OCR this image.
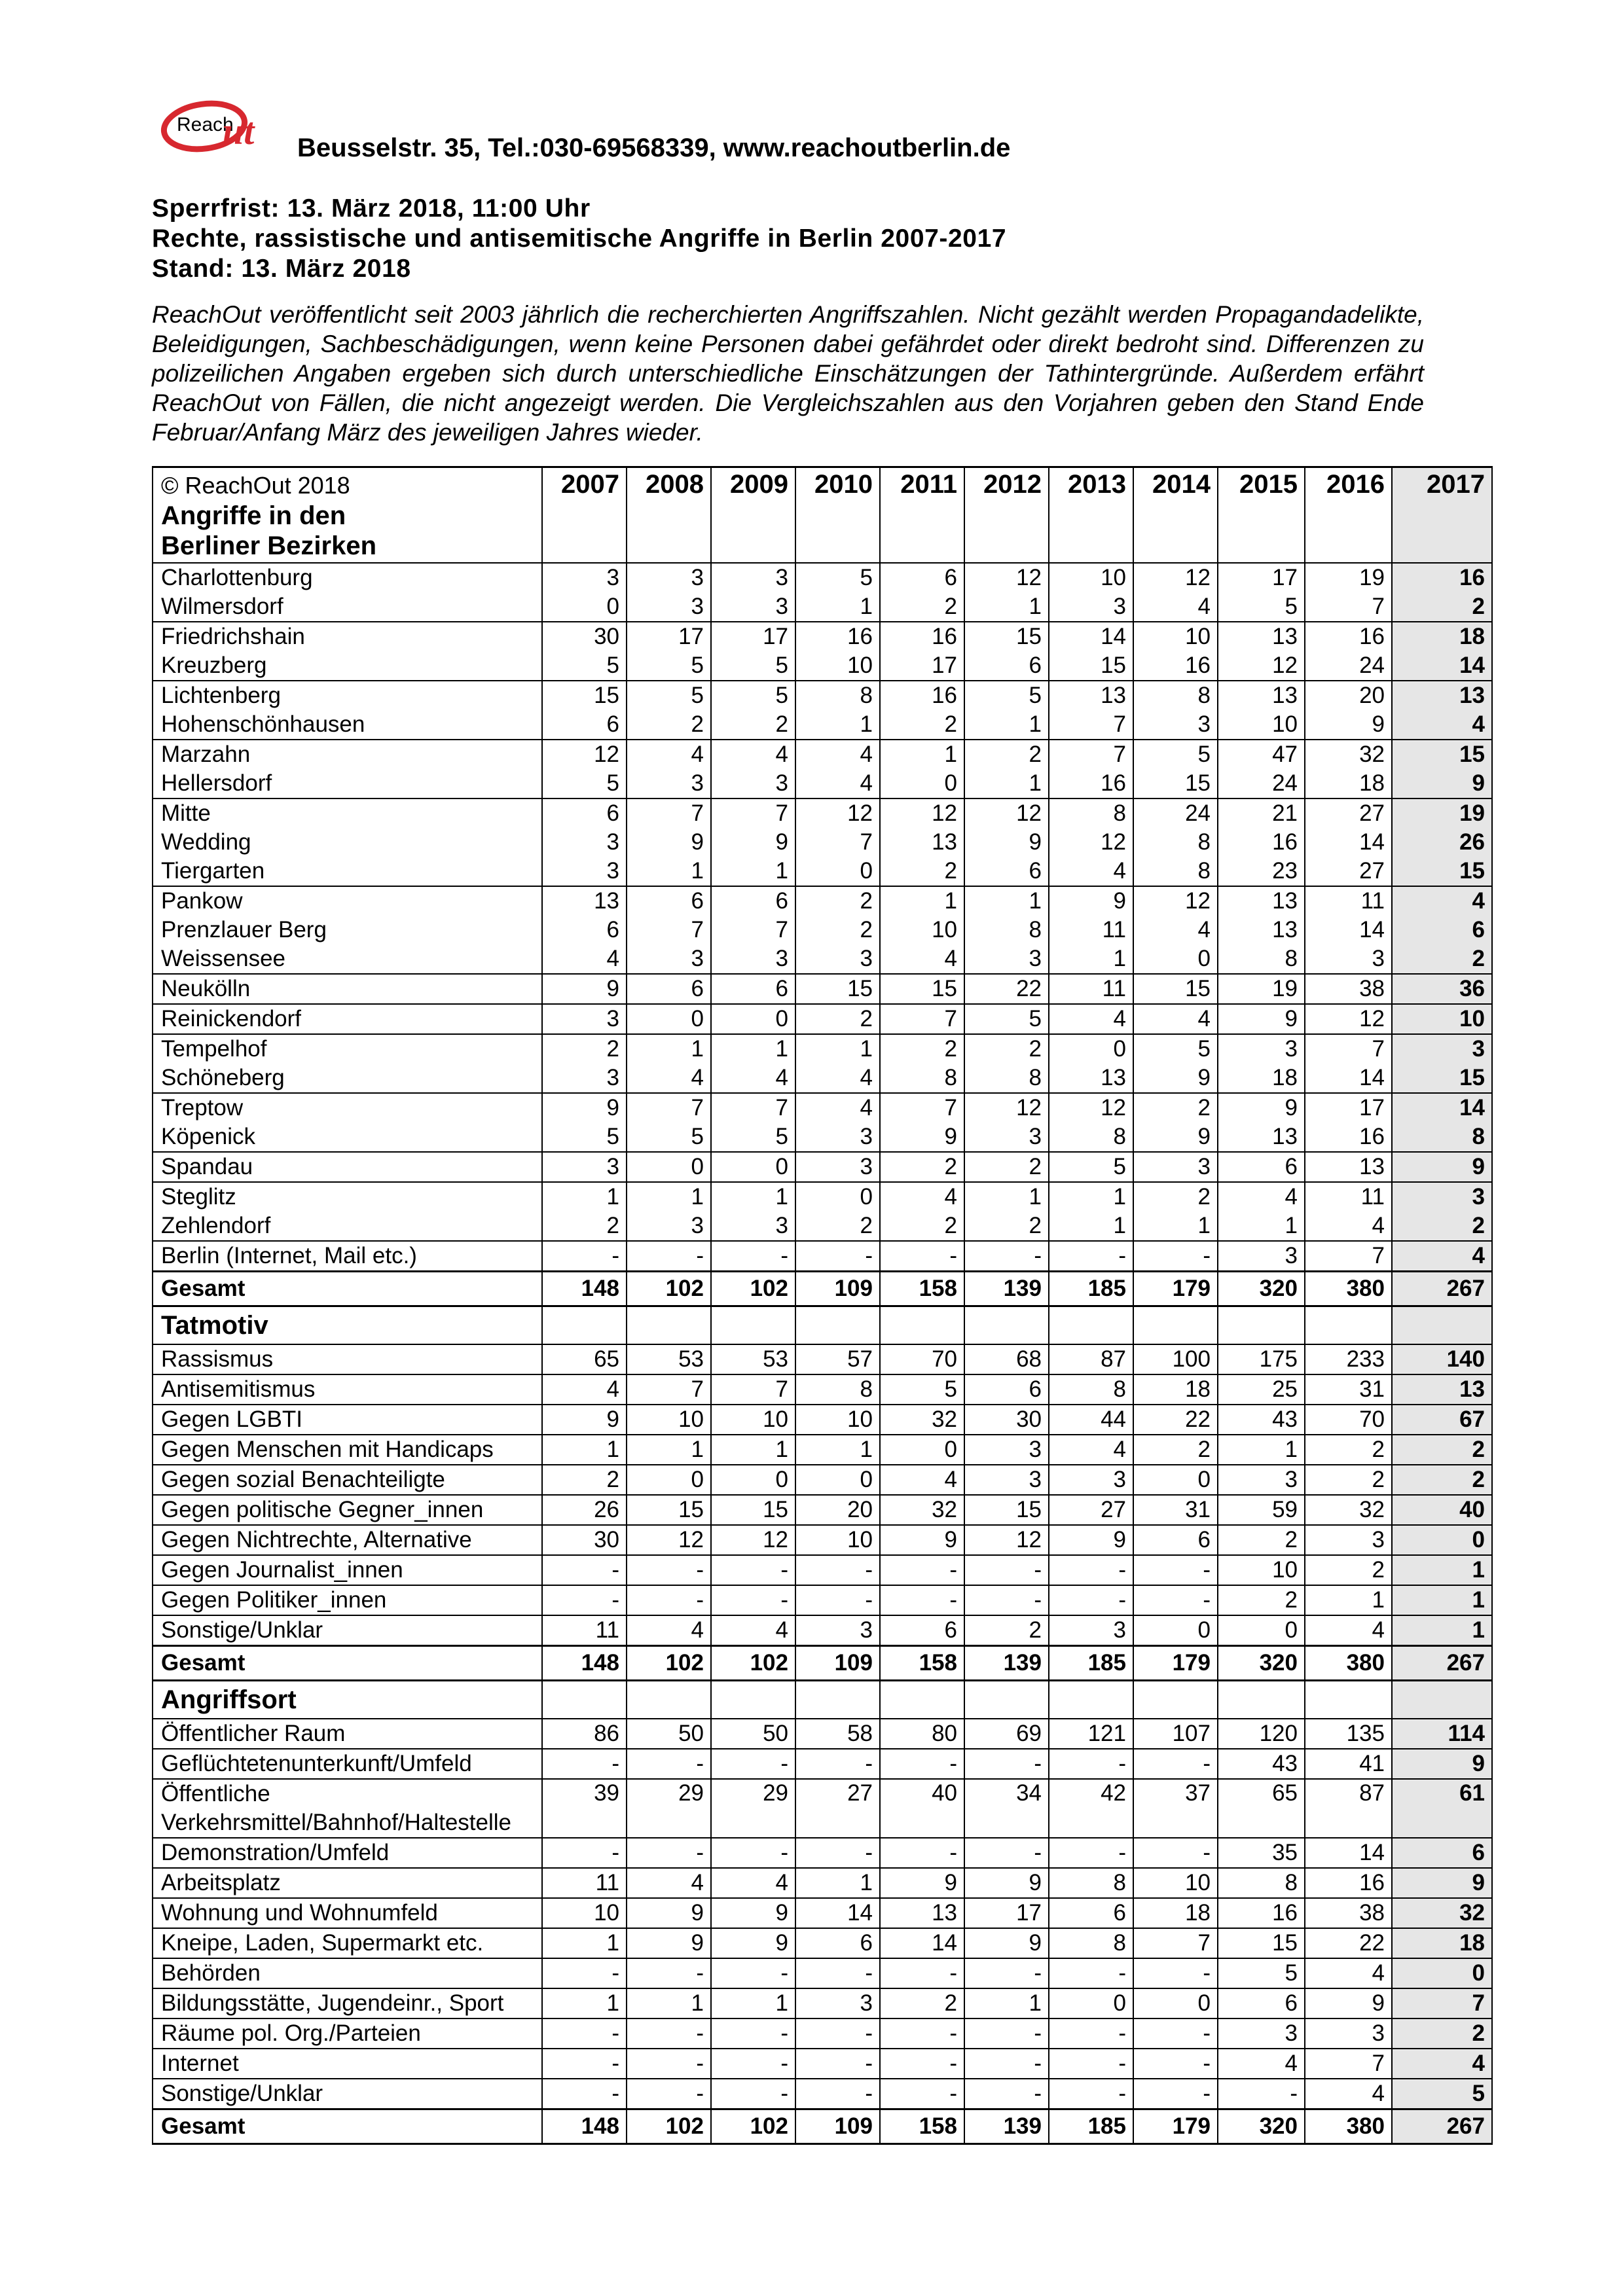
Reach
ut Beusselstr. 35, Tel.:030-69568339, www.reachoutberlin.de
Sperrfrist: 13. März 2018, 11:00 Uhr
Rechte, rassistische und antisemitische Angriffe in Berlin 2007-2017
Stand: 13. März 2018

ReachOut veröffentlicht seit 2003 jährlich die recherchierten Angriffszahlen. Nicht gezählt werden Propagandadelikte, Beleidigungen, Sachbeschädigungen, wenn keine Personen dabei gefährdet oder direkt bedroht sind. Differenzen zu polizeilichen Angaben ergeben sich durch unterschiedliche Einschätzungen der Tathintergründe. Außerdem erfährt ReachOut von Fällen, die nicht angezeigt werden. Die Vergleichszahlen aus den Vorjahren geben den Stand Ende Februar/Anfang März des jeweiligen Jahres wieder.

© ReachOut 2018
Angriffe in den
Berliner Bezirken	2007	2008	2009	2010	2011	2012	2013	2014	2015	2016	2017
Charlottenburg	3	3	3	5	6	12	10	12	17	19	16
Wilmersdorf	0	3	3	1	2	1	3	4	5	7	2
Friedrichshain	30	17	17	16	16	15	14	10	13	16	18
Kreuzberg	5	5	5	10	17	6	15	16	12	24	14
Lichtenberg	15	5	5	8	16	5	13	8	13	20	13
Hohenschönhausen	6	2	2	1	2	1	7	3	10	9	4
Marzahn	12	4	4	4	1	2	7	5	47	32	15
Hellersdorf	5	3	3	4	0	1	16	15	24	18	9
Mitte	6	7	7	12	12	12	8	24	21	27	19
Wedding	3	9	9	7	13	9	12	8	16	14	26
Tiergarten	3	1	1	0	2	6	4	8	23	27	15
Pankow	13	6	6	2	1	1	9	12	13	11	4
Prenzlauer Berg	6	7	7	2	10	8	11	4	13	14	6
Weissensee	4	3	3	3	4	3	1	0	8	3	2
Neukölln	9	6	6	15	15	22	11	15	19	38	36
Reinickendorf	3	0	0	2	7	5	4	4	9	12	10
Tempelhof	2	1	1	1	2	2	0	5	3	7	3
Schöneberg	3	4	4	4	8	8	13	9	18	14	15
Treptow	9	7	7	4	7	12	12	2	9	17	14
Köpenick	5	5	5	3	9	3	8	9	13	16	8
Spandau	3	0	0	3	2	2	5	3	6	13	9
Steglitz	1	1	1	0	4	1	1	2	4	11	3
Zehlendorf	2	3	3	2	2	2	1	1	1	4	2
Berlin (Internet, Mail etc.)	-	-	-	-	-	-	-	-	3	7	4
Gesamt	148	102	102	109	158	139	185	179	320	380	267
Tatmotiv											
Rassismus	65	53	53	57	70	68	87	100	175	233	140
Antisemitismus	4	7	7	8	5	6	8	18	25	31	13
Gegen LGBTI	9	10	10	10	32	30	44	22	43	70	67
Gegen Menschen mit Handicaps	1	1	1	1	0	3	4	2	1	2	2
Gegen sozial Benachteiligte	2	0	0	0	4	3	3	0	3	2	2
Gegen politische Gegner_innen	26	15	15	20	32	15	27	31	59	32	40
Gegen Nichtrechte, Alternative	30	12	12	10	9	12	9	6	2	3	0
Gegen Journalist_innen	-	-	-	-	-	-	-	-	10	2	1
Gegen Politiker_innen	-	-	-	-	-	-	-	-	2	1	1
Sonstige/Unklar	11	4	4	3	6	2	3	0	0	4	1
Gesamt	148	102	102	109	158	139	185	179	320	380	267
Angriffsort											
Öffentlicher Raum	86	50	50	58	80	69	121	107	120	135	114
Geflüchtetenunterkunft/Umfeld	-	-	-	-	-	-	-	-	43	41	9
Öffentliche Verkehrsmittel/Bahnhof/Haltestelle	39	29	29	27	40	34	42	37	65	87	61
Demonstration/Umfeld	-	-	-	-	-	-	-	-	35	14	6
Arbeitsplatz	11	4	4	1	9	9	8	10	8	16	9
Wohnung und Wohnumfeld	10	9	9	14	13	17	6	18	16	38	32
Kneipe, Laden, Supermarkt etc.	1	9	9	6	14	9	8	7	15	22	18
Behörden	-	-	-	-	-	-	-	-	5	4	0
Bildungsstätte, Jugendeinr., Sport	1	1	1	3	2	1	0	0	6	9	7
Räume pol. Org./Parteien	-	-	-	-	-	-	-	-	3	3	2
Internet	-	-	-	-	-	-	-	-	4	7	4
Sonstige/Unklar	-	-	-	-	-	-	-	-	-	4	5
Gesamt	148	102	102	109	158	139	185	179	320	380	267
